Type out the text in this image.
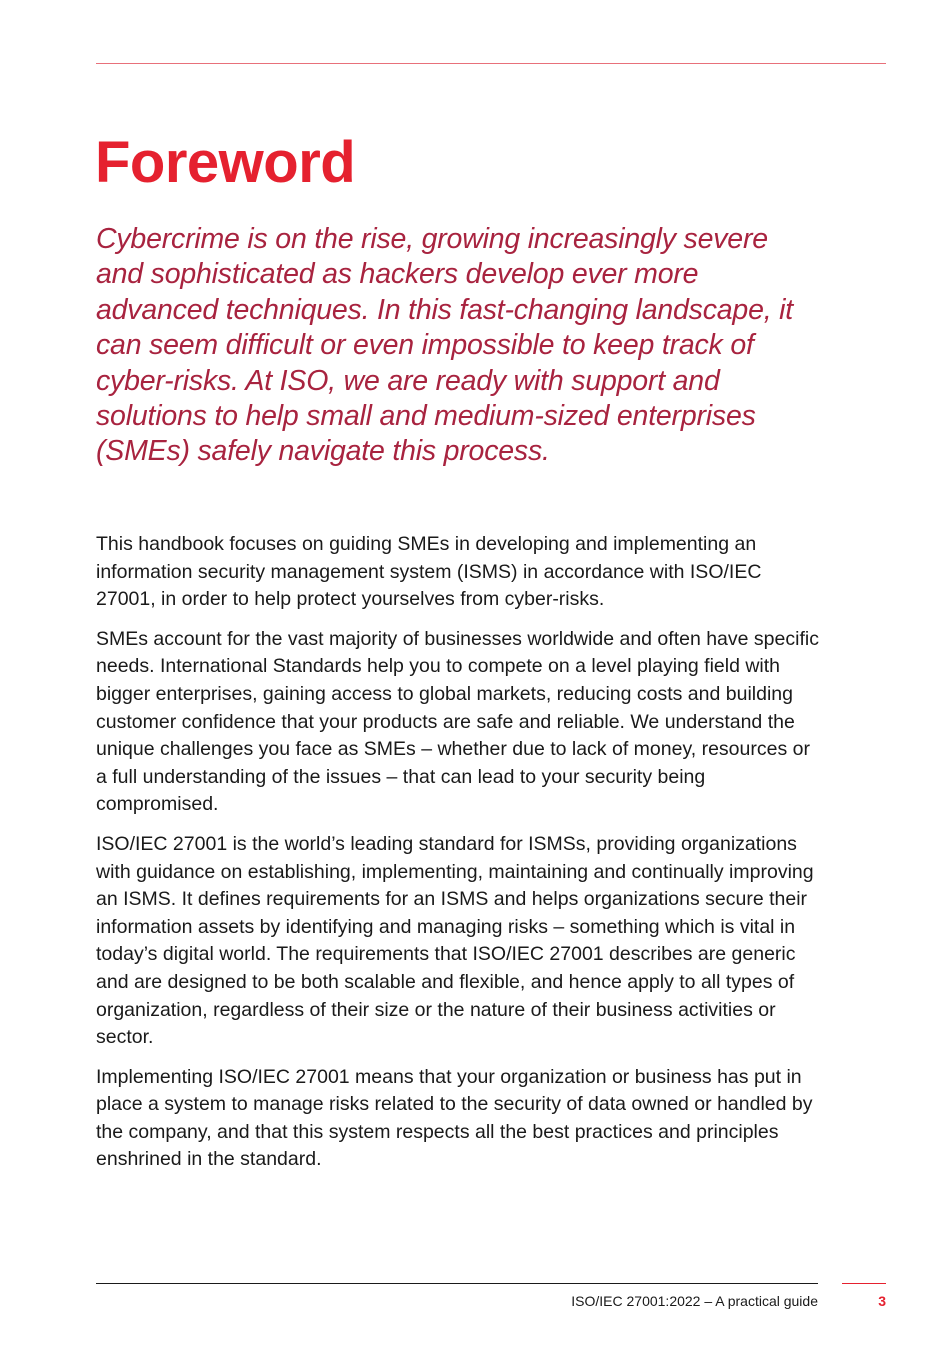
Foreword

Cybercrime is on the rise, growing increasingly severe and sophisticated as hackers develop ever more advanced techniques. In this fast-changing landscape, it can seem difficult or even impossible to keep track of cyber-risks. At ISO, we are ready with support and solutions to help small and medium-sized enterprises (SMEs) safely navigate this process.

This handbook focuses on guiding SMEs in developing and implementing an information security management system (ISMS) in accordance with ISO/IEC 27001, in order to help protect yourselves from cyber-risks.

SMEs account for the vast majority of businesses worldwide and often have specific needs. International Standards help you to compete on a level playing field with bigger enterprises, gaining access to global markets, reducing costs and building customer confidence that your products are safe and reliable. We understand the unique challenges you face as SMEs – whether due to lack of money, resources or a full understanding of the issues – that can lead to your security being compromised.

ISO/IEC 27001 is the world’s leading standard for ISMSs, providing organizations with guidance on establishing, implementing, maintaining and continually improving an ISMS. It defines requirements for an ISMS and helps organizations secure their information assets by identifying and managing risks – something which is vital in today’s digital world. The requirements that ISO/IEC 27001 describes are generic and are designed to be both scalable and flexible, and hence apply to all types of organization, regardless of their size or the nature of their business activities or sector.

Implementing ISO/IEC 27001 means that your organization or business has put in place a system to manage risks related to the security of data owned or handled by the company, and that this system respects all the best practices and principles enshrined in the standard.

ISO/IEC 27001:2022 – A practical guide	3
